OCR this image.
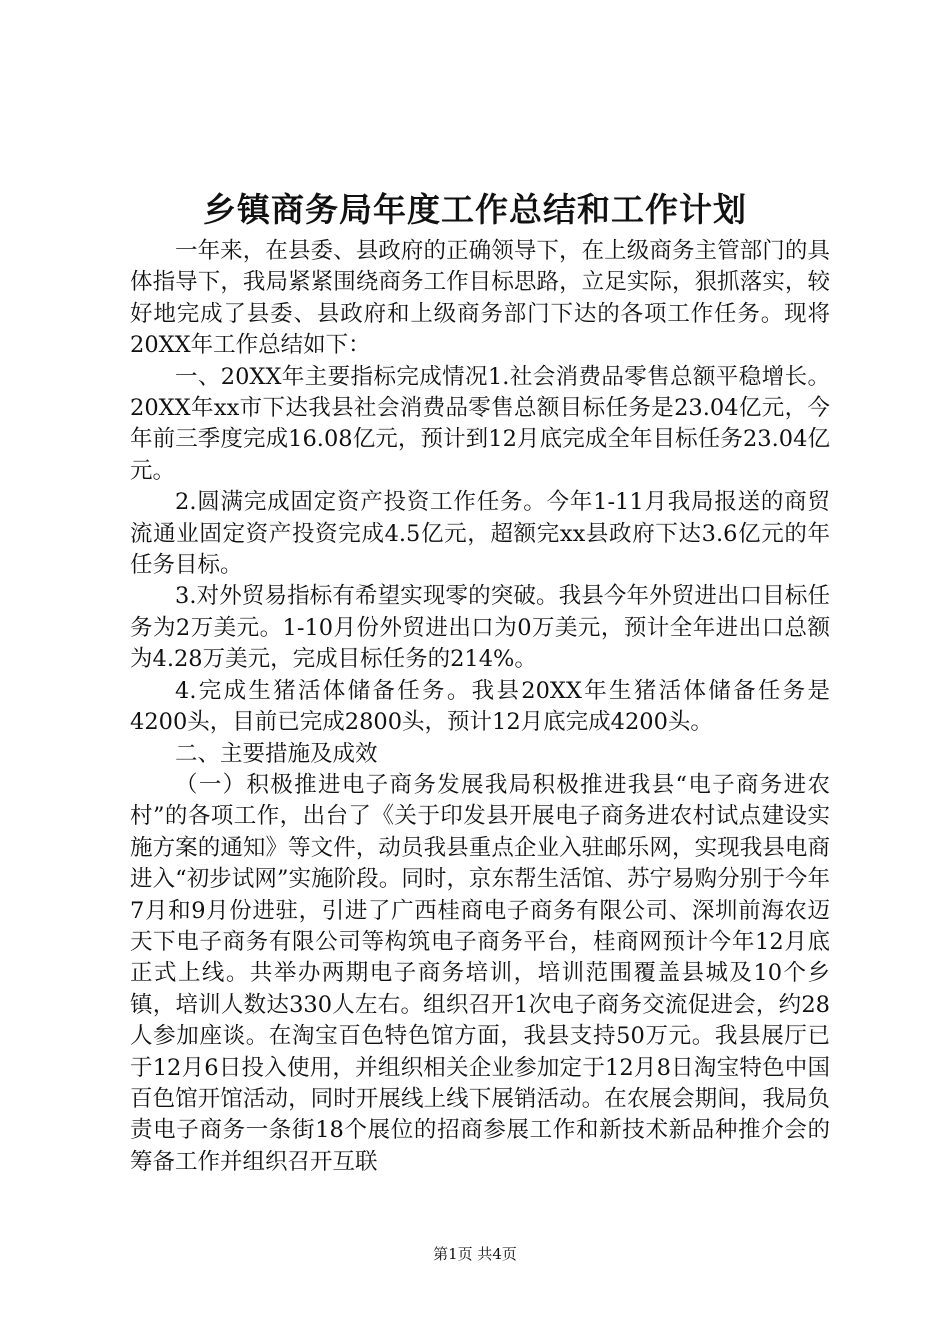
乡镇商务局年度工作总结和工作计划

一年来，在县委、县政府的正确领导下，在上级商务主管部门的具体指导下，我局紧紧围绕商务工作目标思路，立足实际，狠抓落实，较好地完成了县委、县政府和上级商务部门下达的各项工作任务。现将20XX年工作总结如下：

一、20XX年主要指标完成情况1.社会消费品零售总额平稳增长。20XX年xx市下达我县社会消费品零售总额目标任务是23.04亿元，今年前三季度完成16.08亿元，预计到12月底完成全年目标任务23.04亿元。

2.圆满完成固定资产投资工作任务。今年1-11月我局报送的商贸流通业固定资产投资完成4.5亿元，超额完xx县政府下达3.6亿元的年任务目标。

3.对外贸易指标有希望实现零的突破。我县今年外贸进出口目标任务为2万美元。1-10月份外贸进出口为0万美元，预计全年进出口总额为4.28万美元，完成目标任务的214%。

4.完成生猪活体储备任务。我县20XX年生猪活体储备任务是4200头，目前已完成2800头，预计12月底完成4200头。

二、主要措施及成效

（一）积极推进电子商务发展我局积极推进我县“电子商务进农村”的各项工作，出台了《关于印发县开展电子商务进农村试点建设实施方案的通知》等文件，动员我县重点企业入驻邮乐网，实现我县电商进入“初步试网”实施阶段。同时，京东帮生活馆、苏宁易购分别于今年7月和9月份进驻，引进了广西桂商电子商务有限公司、深圳前海农迈天下电子商务有限公司等构筑电子商务平台，桂商网预计今年12月底正式上线。共举办两期电子商务培训，培训范围覆盖县城及10个乡镇，培训人数达330人左右。组织召开1次电子商务交流促进会，约28人参加座谈。在淘宝百色特色馆方面，我县支持50万元。我县展厅已于12月6日投入使用，并组织相关企业参加定于12月8日淘宝特色中国百色馆开馆活动，同时开展线上线下展销活动。在农展会期间，我局负责电子商务一条街18个展位的招商参展工作和新技术新品种推介会的筹备工作并组织召开互联

第1页 共4页
